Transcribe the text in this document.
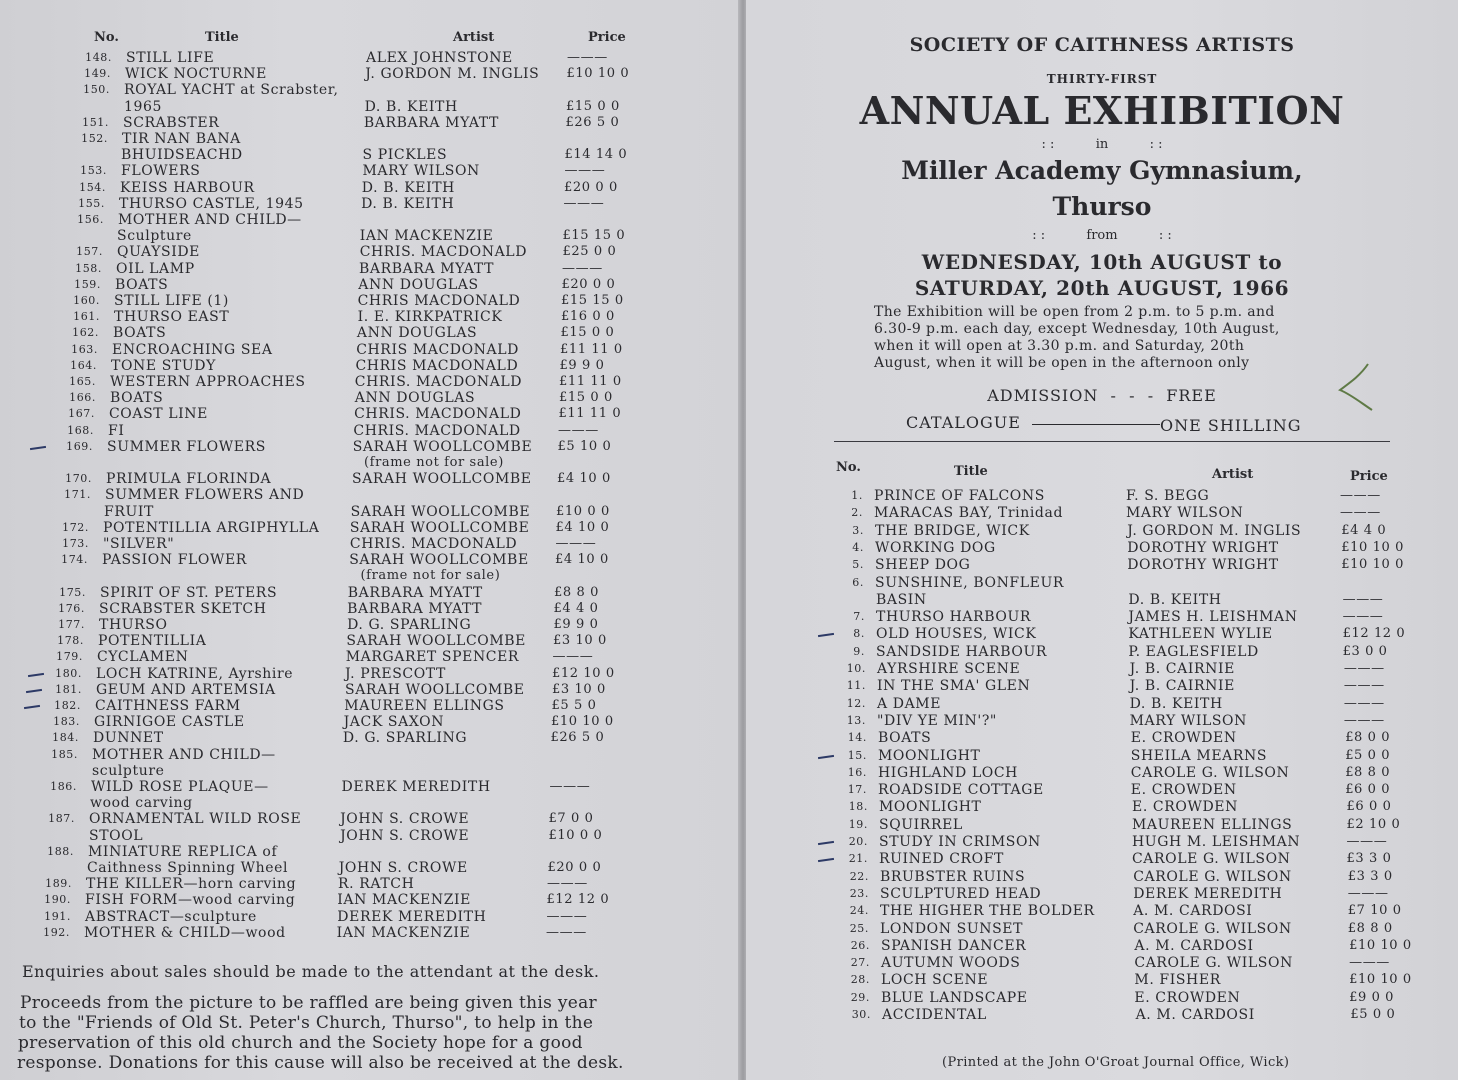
No.	Title	Artist	Price
148. STILL LIFE	ALEX JOHNSTONE	———
149. WICK NOCTURNE	J. GORDON M. INGLIS £10 10 0
150. ROYAL YACHT at Scrabster,
1965	D. B. KEITH	£15 0 0
151. SCRABSTER	BARBARA MYATT	£26 5 0
152. TIR NAN BANA
BHUIDSEACHD	S PICKLES	£14 14 0
153. FLOWERS	MARY WILSON	———
154. KEISS HARBOUR	D. B. KEITH	£20 0 0
155. THURSO CASTLE, 1945	D. B. KEITH	———
156. MOTHER AND CHILD—
Sculpture	IAN MACKENZIE	£15 15 0
157. QUAYSIDE	CHRIS. MACDONALD	£25 0 0
158. OIL LAMP	BARBARA MYATT	———
159. BOATS	ANN DOUGLAS	£20 0 0
160. STILL LIFE (1)	CHRIS MACDONALD	£15 15 0
161. THURSO EAST	I. E. KIRKPATRICK	£16 0 0
162. BOATS	ANN DOUGLAS	£15 0 0
163. ENCROACHING SEA	CHRIS MACDONALD	£11 11 0
164. TONE STUDY	CHRIS MACDONALD	£9 9 0
165. WESTERN APPROACHES	CHRIS. MACDONALD	£11 11 0
166. BOATS	ANN DOUGLAS	£15 0 0
167. COAST LINE	CHRIS. MACDONALD	£11 11 0
168. FI	CHRIS. MACDONALD	———
169. SUMMER FLOWERS	SARAH WOOLLCOMBE £5 10 0
(frame not for sale)
170. PRIMULA FLORINDA	SARAH WOOLLCOMBE £4 10 0
171. SUMMER FLOWERS AND
FRUIT	SARAH WOOLLCOMBE £10 0 0
172. POTENTILLIA ARGIPHYLLA SARAH WOOLLCOMBE £4 10 0
173. "SILVER"	CHRIS. MACDONALD	———
174. PASSION FLOWER	SARAH WOOLLCOMBE £4 10 0
(frame not for sale)
175. SPIRIT OF ST. PETERS	BARBARA MYATT	£8 8 0
176. SCRABSTER SKETCH	BARBARA MYATT	£4 4 0
177. THURSO	D. G. SPARLING	£9 9 0
178. POTENTILLIA	SARAH WOOLLCOMBE £3 10 0
179. CYCLAMEN	MARGARET SPENCER	———
180. LOCH KATRINE, Ayrshire	J. PRESCOTT	£12 10 0
181. GEUM AND ARTEMSIA	SARAH WOOLLCOMBE £3 10 0
182. CAITHNESS FARM	MAUREEN ELLINGS	£5 5 0
183. GIRNIGOE CASTLE	JACK SAXON	£10 10 0
184. DUNNET	D. G. SPARLING	£26 5 0
185. MOTHER AND CHILD—
sculpture
186. WILD ROSE PLAQUE—	DEREK MEREDITH	———
wood carving
187. ORNAMENTAL WILD ROSE	JOHN S. CROWE	£7 0 0
STOOL	JOHN S. CROWE	£10 0 0
188. MINIATURE REPLICA of
Caithness Spinning Wheel	JOHN S. CROWE	£20 0 0
189. THE KILLER—horn carving	R. RATCH	———
190. FISH FORM—wood carving	IAN MACKENZIE	£12 12 0
191. ABSTRACT—sculpture	DEREK MEREDITH	———
192. MOTHER & CHILD—wood	IAN MACKENZIE	———
Enquiries about sales should be made to the attendant at the desk.
Proceeds from the picture to be raffled are being given this year
to the "Friends of Old St. Peter's Church, Thurso", to help in the
preservation of this old church and the Society hope for a good
response. Donations for this cause will also be received at the desk.
SOCIETY OF CAITHNESS ARTISTS
THIRTY-FIRST
ANNUAL EXHIBITION
: :          in          : :
Miller Academy Gymnasium,
Thurso
: :          from          : :
WEDNESDAY, 10th AUGUST to
SATURDAY, 20th AUGUST, 1966
The Exhibition will be open from 2 p.m. to 5 p.m. and
6.30-9 p.m. each day, except Wednesday, 10th August,
when it will open at 3.30 p.m. and Saturday, 20th
August, when it will be open in the afternoon only
ADMISSION  -  -  -  FREE
CATALOGUE	ONE SHILLING
No.	Title	Artist	Price
1. PRINCE OF FALCONS	F. S. BEGG	———
2. MARACAS BAY, Trinidad	MARY WILSON	———
3. THE BRIDGE, WICK	J. GORDON M. INGLIS	£4 4 0
4. WORKING DOG	DOROTHY WRIGHT	£10 10 0
5. SHEEP DOG	DOROTHY WRIGHT	£10 10 0
6. SUNSHINE, BONFLEUR
BASIN	D. B. KEITH	———
7. THURSO HARBOUR	JAMES H. LEISHMAN	———
8. OLD HOUSES, WICK	KATHLEEN WYLIE	£12 12 0
9. SANDSIDE HARBOUR	P. EAGLESFIELD	£3 0 0
10. AYRSHIRE SCENE	J. B. CAIRNIE	———
11. IN THE SMA' GLEN	J. B. CAIRNIE	———
12. A DAME	D. B. KEITH	———
13. "DIV YE MIN'?"	MARY WILSON	———
14. BOATS	E. CROWDEN	£8 0 0
15. MOONLIGHT	SHEILA MEARNS	£5 0 0
16. HIGHLAND LOCH	CAROLE G. WILSON	£8 8 0
17. ROADSIDE COTTAGE	E. CROWDEN	£6 0 0
18. MOONLIGHT	E. CROWDEN	£6 0 0
19. SQUIRREL	MAUREEN ELLINGS	£2 10 0
20. STUDY IN CRIMSON	HUGH M. LEISHMAN	———
21. RUINED CROFT	CAROLE G. WILSON	£3 3 0
22. BRUBSTER RUINS	CAROLE G. WILSON	£3 3 0
23. SCULPTURED HEAD	DEREK MEREDITH	———
24. THE HIGHER THE BOLDER	A. M. CARDOSI	£7 10 0
25. LONDON SUNSET	CAROLE G. WILSON	£8 8 0
26. SPANISH DANCER	A. M. CARDOSI	£10 10 0
27. AUTUMN WOODS	CAROLE G. WILSON	———
28. LOCH SCENE	M. FISHER	£10 10 0
29. BLUE LANDSCAPE	E. CROWDEN	£9 0 0
30. ACCIDENTAL	A. M. CARDOSI	£5 0 0
(Printed at the John O'Groat Journal Office, Wick)
